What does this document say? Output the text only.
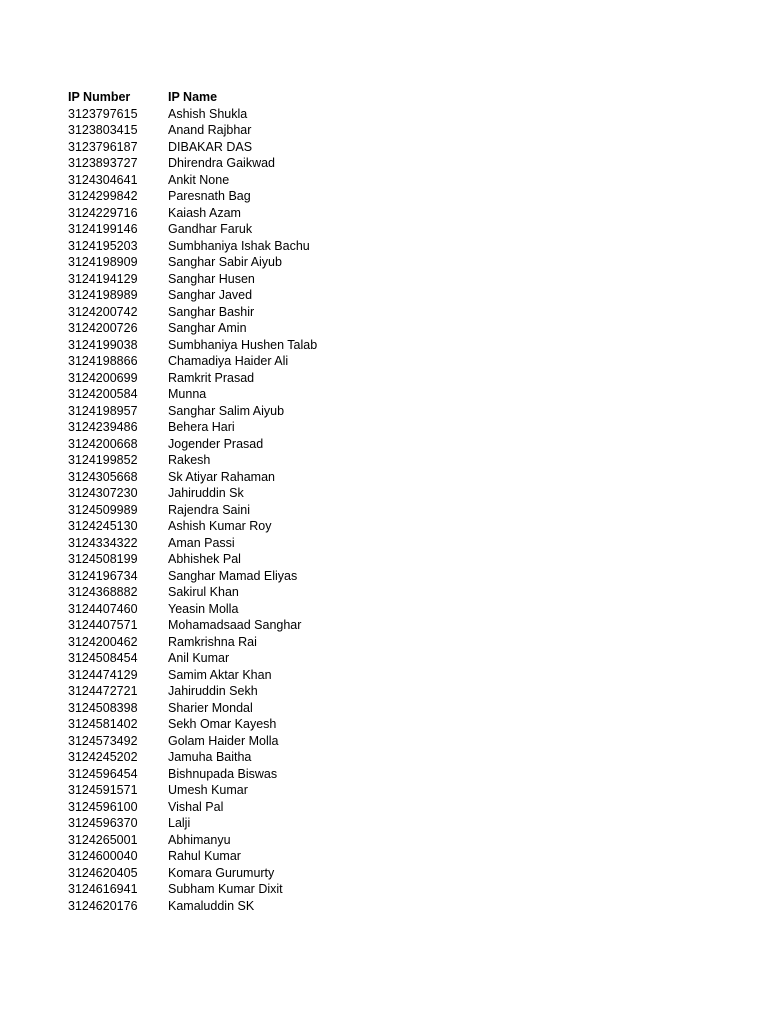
IP Number	IP Name
3123797615	Ashish Shukla
3123803415	Anand Rajbhar
3123796187	DIBAKAR DAS
3123893727	Dhirendra Gaikwad
3124304641	Ankit None
3124299842	Paresnath Bag
3124229716	Kaiash Azam
3124199146	Gandhar Faruk
3124195203	Sumbhaniya Ishak Bachu
3124198909	Sanghar Sabir Aiyub
3124194129	Sanghar Husen
3124198989	Sanghar Javed
3124200742	Sanghar Bashir
3124200726	Sanghar Amin
3124199038	Sumbhaniya Hushen Talab
3124198866	Chamadiya Haider Ali
3124200699	Ramkrit Prasad
3124200584	Munna
3124198957	Sanghar Salim Aiyub
3124239486	Behera Hari
3124200668	Jogender Prasad
3124199852	Rakesh
3124305668	Sk Atiyar Rahaman
3124307230	Jahiruddin Sk
3124509989	Rajendra Saini
3124245130	Ashish Kumar Roy
3124334322	Aman Passi
3124508199	Abhishek Pal
3124196734	Sanghar Mamad Eliyas
3124368882	Sakirul Khan
3124407460	Yeasin Molla
3124407571	Mohamadsaad Sanghar
3124200462	Ramkrishna Rai
3124508454	Anil Kumar
3124474129	Samim Aktar Khan
3124472721	Jahiruddin Sekh
3124508398	Sharier Mondal
3124581402	Sekh Omar Kayesh
3124573492	Golam Haider Molla
3124245202	Jamuha Baitha
3124596454	Bishnupada Biswas
3124591571	Umesh Kumar
3124596100	Vishal Pal
3124596370	Lalji
3124265001	Abhimanyu
3124600040	Rahul Kumar
3124620405	Komara Gurumurty
3124616941	Subham Kumar Dixit
3124620176	Kamaluddin SK
